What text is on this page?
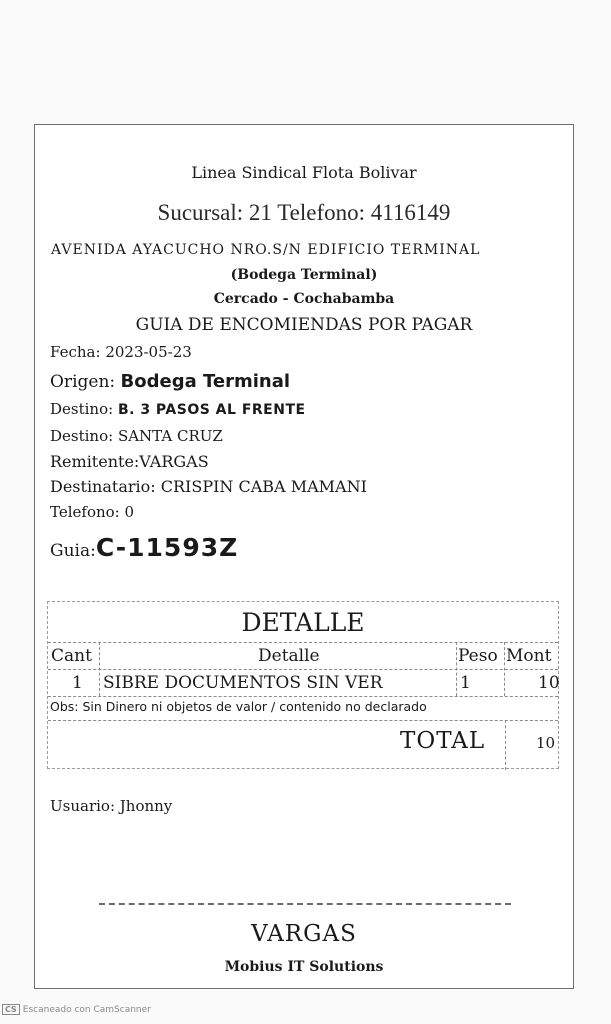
Linea Sindical Flota Bolivar
Sucursal: 21 Telefono: 4116149
AVENIDA AYACUCHO NRO.S/N EDIFICIO TERMINAL
(Bodega Terminal)
Cercado - Cochabamba
GUIA DE ENCOMIENDAS POR PAGAR
Fecha: 2023-05-23
Origen: Bodega Terminal
Destino: B. 3 PASOS AL FRENTE
Destino: SANTA CRUZ
Remitente:VARGAS
Destinatario: CRISPIN CABA MAMANI
Telefono: 0
Guia:C-11593Z
DETALLE
Cant	Detalle	Peso Mont
1 SIBRE DOCUMENTOS SIN VER	1	10
Obs: Sin Dinero ni objetos de valor / contenido no declarado
TOTAL	10
Usuario: Jhonny
VARGAS
Mobius IT Solutions
CS Escaneado con CamScanner
